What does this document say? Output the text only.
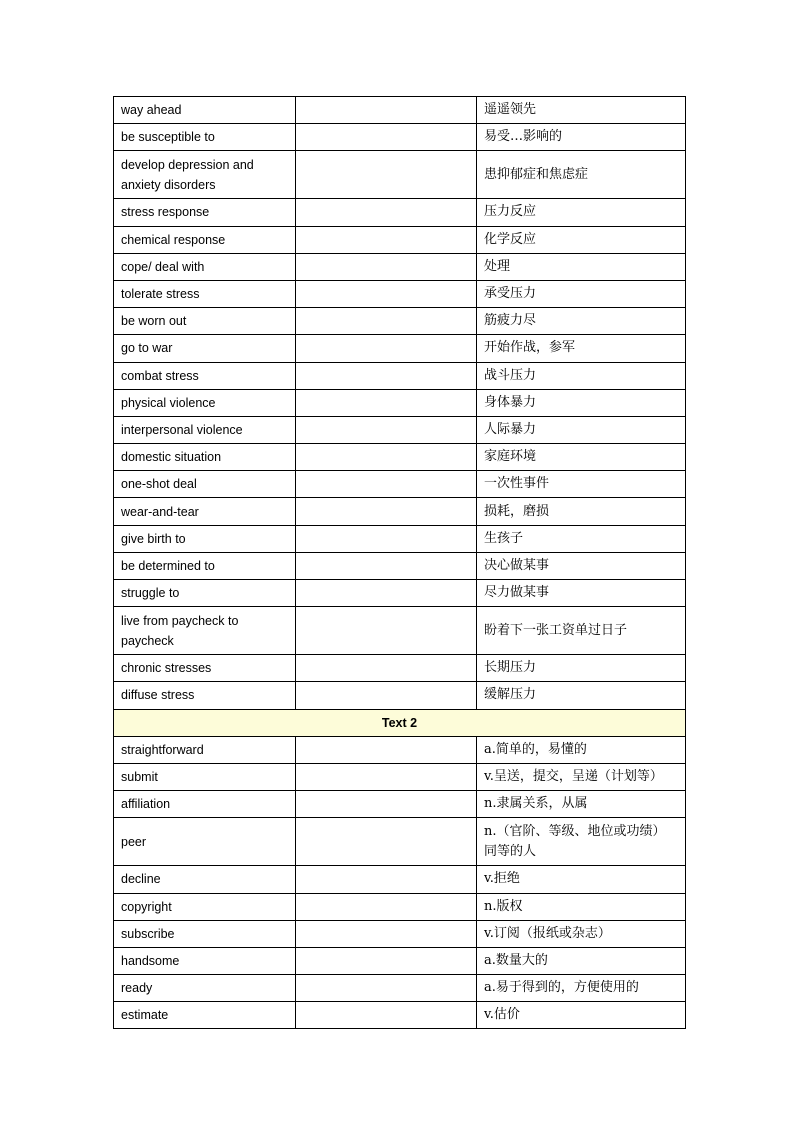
way ahead		遥遥领先
be susceptible to		易受…影响的
develop depression and anxiety disorders		患抑郁症和焦虑症
stress response		压力反应
chemical response		化学反应
cope/ deal with		处理
tolerate stress		承受压力
be worn out		筋疲力尽
go to war		开始作战，参军
combat stress		战斗压力
physical violence		身体暴力
interpersonal violence		人际暴力
domestic situation		家庭环境
one-shot deal		一次性事件
wear-and-tear		损耗，磨损
give birth to		生孩子
be determined to		决心做某事
struggle to		尽力做某事
live from paycheck to paycheck		盼着下一张工资单过日子
chronic stresses		长期压力
diffuse stress		缓解压力
Text 2		
straightforward		a.简单的，易懂的
submit		v.呈送，提交，呈递（计划等）
affiliation		n.隶属关系，从属
peer		n.（官阶、等级、地位或功绩）同等的人
decline		v.拒绝
copyright		n.版权
subscribe		v.订阅（报纸或杂志）
handsome		a.数量大的
ready		a.易于得到的，方便使用的
estimate		v.估价
